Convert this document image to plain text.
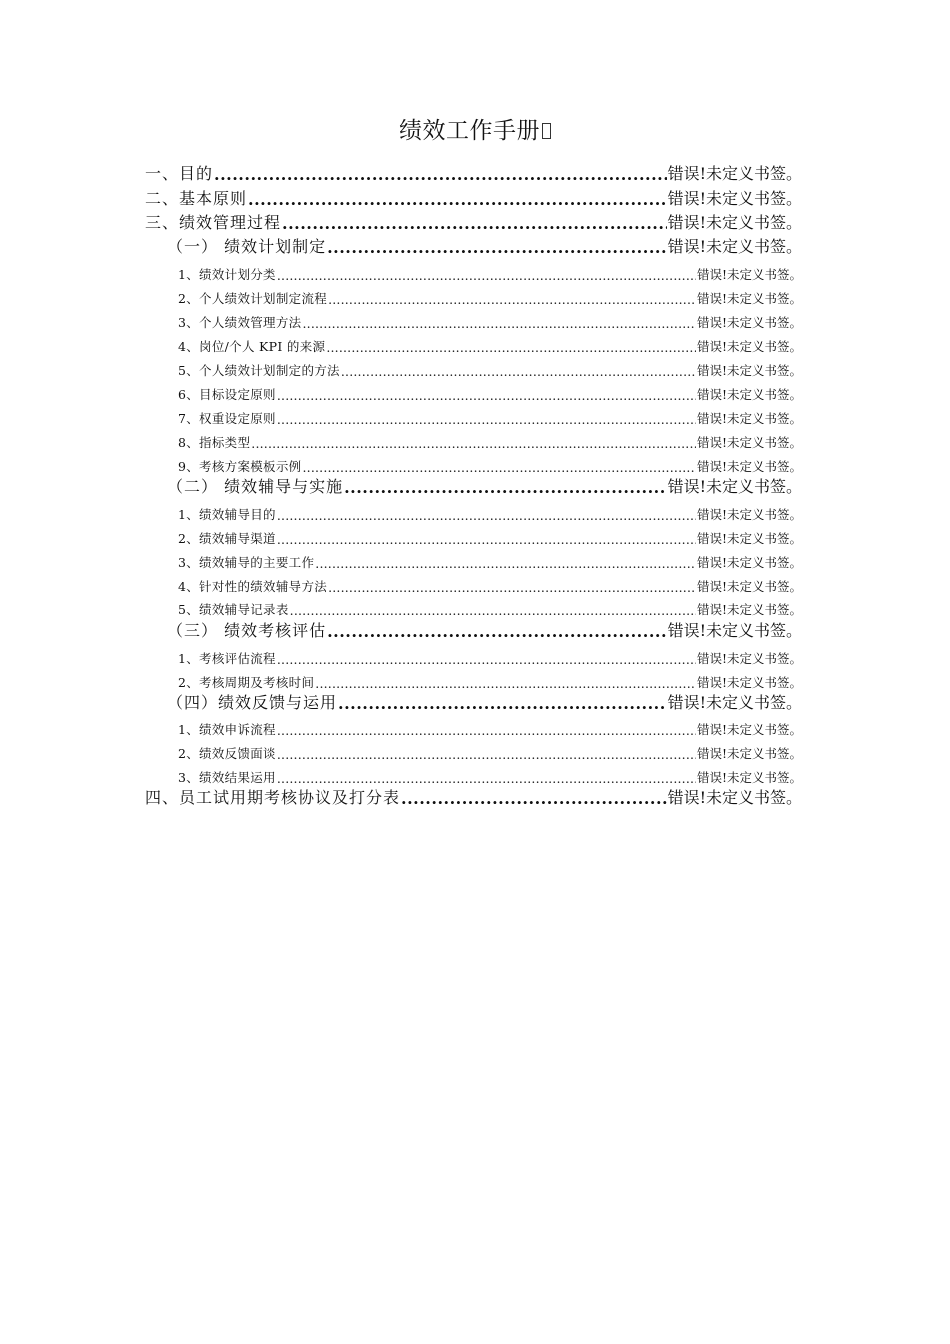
绩效工作手册
一、目的 .....	错误!未定义书签。
二、基本原则 .....	错误!未定义书签。
三、绩效管理过程 .....	错误!未定义书签。
（一） 绩效计划制定 .....	错误!未定义书签。
1、绩效计划分类 .....	错误!未定义书签。
2、个人绩效计划制定流程 .....	错误!未定义书签。
3、个人绩效管理方法 .....	错误!未定义书签。
4、岗位/个人 KPI 的来源 .....	错误!未定义书签。
5、个人绩效计划制定的方法 .....	错误!未定义书签。
6、目标设定原则 .....	错误!未定义书签。
7、权重设定原则 .....	错误!未定义书签。
8、指标类型 .....	错误!未定义书签。
9、考核方案模板示例 .....	错误!未定义书签。
（二） 绩效辅导与实施 .....	错误!未定义书签。
1、绩效辅导目的 .....	错误!未定义书签。
2、绩效辅导渠道 .....	错误!未定义书签。
3、绩效辅导的主要工作 .....	错误!未定义书签。
4、针对性的绩效辅导方法 .....	错误!未定义书签。
5、绩效辅导记录表 .....	错误!未定义书签。
（三） 绩效考核评估 .....	错误!未定义书签。
1、考核评估流程 .....	错误!未定义书签。
2、考核周期及考核时间 .....	错误!未定义书签。
（四）绩效反馈与运用 .....	错误!未定义书签。
1、绩效申诉流程 .....	错误!未定义书签。
2、绩效反馈面谈 .....	错误!未定义书签。
3、绩效结果运用 .....	错误!未定义书签。
四、员工试用期考核协议及打分表 .....	错误!未定义书签。
